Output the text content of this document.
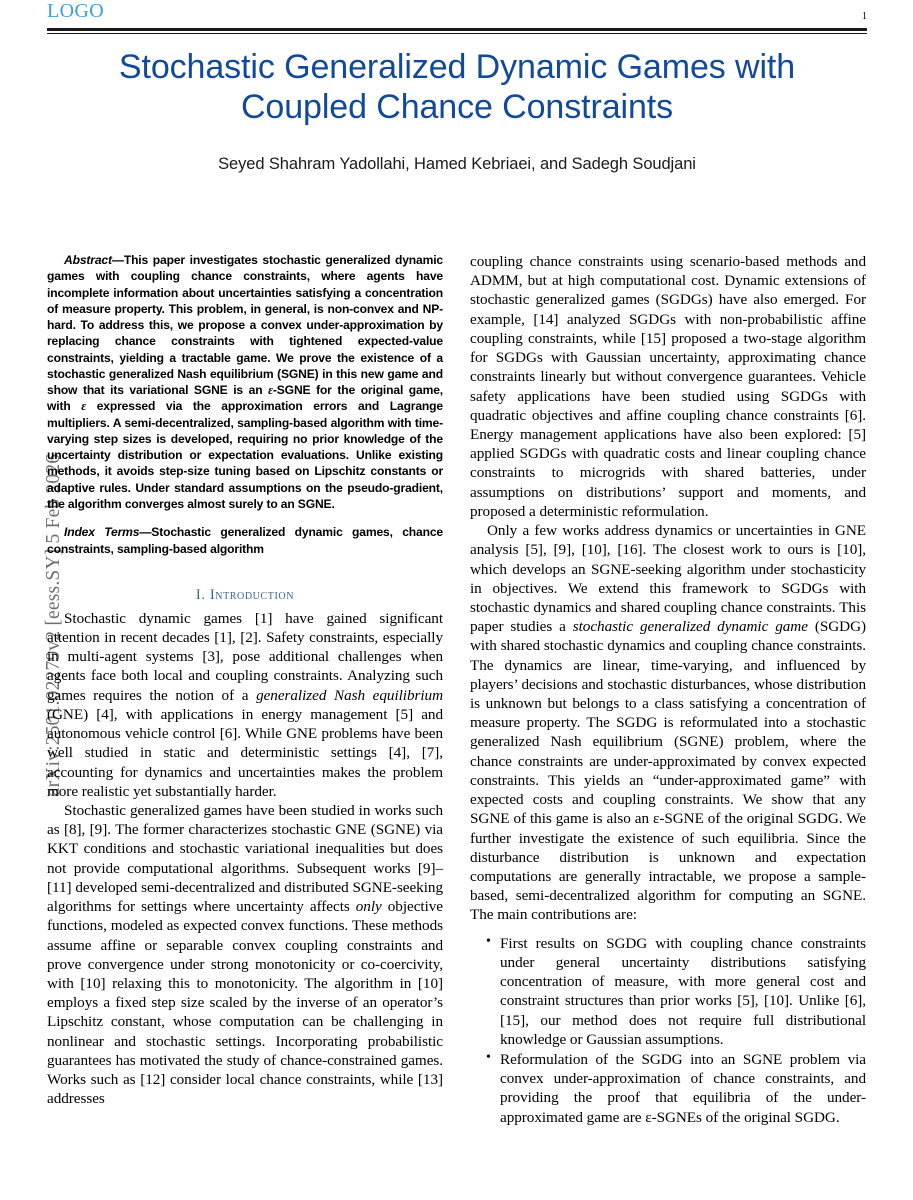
arXiv:2501.02279v2 [eess.SY] 5 Feb 2026
LOGO	1
Stochastic Generalized Dynamic Games with Coupled Chance Constraints
Seyed Shahram Yadollahi, Hamed Kebriaei, and Sadegh Soudjani
Abstract—This paper investigates stochastic generalized dynamic games with coupling chance constraints, where agents have incomplete information about uncertainties satisfying a concentration of measure property. This problem, in general, is non-convex and NP-hard. To address this, we propose a convex under-approximation by replacing chance constraints with tightened expected-value constraints, yielding a tractable game. We prove the existence of a stochastic generalized Nash equilibrium (SGNE) in this new game and show that its variational SGNE is an ε-SGNE for the original game, with ε expressed via the approximation errors and Lagrange multipliers. A semi-decentralized, sampling-based algorithm with time-varying step sizes is developed, requiring no prior knowledge of the uncertainty distribution or expectation evaluations. Unlike existing methods, it avoids step-size tuning based on Lipschitz constants or adaptive rules. Under standard assumptions on the pseudo-gradient, the algorithm converges almost surely to an SGNE.
Index Terms—Stochastic generalized dynamic games, chance constraints, sampling-based algorithm
I. Introduction

Stochastic dynamic games [1] have gained significant attention in recent decades [1], [2]. Safety constraints, especially in multi-agent systems [3], pose additional challenges when agents face both local and coupling constraints. Analyzing such games requires the notion of a generalized Nash equilibrium (GNE) [4], with applications in energy management [5] and autonomous vehicle control [6]. While GNE problems have been well studied in static and deterministic settings [4], [7], accounting for dynamics and uncertainties makes the problem more realistic yet substantially harder.

Stochastic generalized games have been studied in works such as [8], [9]. The former characterizes stochastic GNE (SGNE) via KKT conditions and stochastic variational inequalities but does not provide computational algorithms. Subsequent works [9]–[11] developed semi-decentralized and distributed SGNE-seeking algorithms for settings where uncertainty affects only objective functions, modeled as expected convex functions. These methods assume affine or separable convex coupling constraints and prove convergence under strong monotonicity or co-coercivity, with [10] relaxing this to monotonicity. The algorithm in [10] employs a fixed step size scaled by the inverse of an operator’s Lipschitz constant, whose computation can be challenging in nonlinear and stochastic settings. Incorporating probabilistic guarantees has motivated the study of chance-constrained games. Works such as [12] consider local chance constraints, while [13] addresses

coupling chance constraints using scenario-based methods and ADMM, but at high computational cost. Dynamic extensions of stochastic generalized games (SGDGs) have also emerged. For example, [14] analyzed SGDGs with non-probabilistic affine coupling constraints, while [15] proposed a two-stage algorithm for SGDGs with Gaussian uncertainty, approximating chance constraints linearly but without convergence guarantees. Vehicle safety applications have been studied using SGDGs with quadratic objectives and affine coupling chance constraints [6]. Energy management applications have also been explored: [5] applied SGDGs with quadratic costs and linear coupling chance constraints to microgrids with shared batteries, under assumptions on distributions’ support and moments, and proposed a deterministic reformulation.

Only a few works address dynamics or uncertainties in GNE analysis [5], [9], [10], [16]. The closest work to ours is [10], which develops an SGNE-seeking algorithm under stochasticity in objectives. We extend this framework to SGDGs with stochastic dynamics and shared coupling chance constraints. This paper studies a stochastic generalized dynamic game (SGDG) with shared stochastic dynamics and coupling chance constraints. The dynamics are linear, time-varying, and influenced by players’ decisions and stochastic disturbances, whose distribution is unknown but belongs to a class satisfying a concentration of measure property. The SGDG is reformulated into a stochastic generalized Nash equilibrium (SGNE) problem, where the chance constraints are under-approximated by convex expected constraints. This yields an “under-approximated game” with expected costs and coupling constraints. We show that any SGNE of this game is also an ε-SGNE of the original SGDG. We further investigate the existence of such equilibria. Since the disturbance distribution is unknown and expectation computations are generally intractable, we propose a sample-based, semi-decentralized algorithm for computing an SGNE. The main contributions are:

• First results on SGDG with coupling chance constraints under general uncertainty distributions satisfying concentration of measure, with more general cost and constraint structures than prior works [5], [10]. Unlike [6], [15], our method does not require full distributional knowledge or Gaussian assumptions.
• Reformulation of the SGDG into an SGNE problem via convex under-approximation of chance constraints, and providing the proof that equilibria of the under-approximated game are ε-SGNEs of the original SGDG.
